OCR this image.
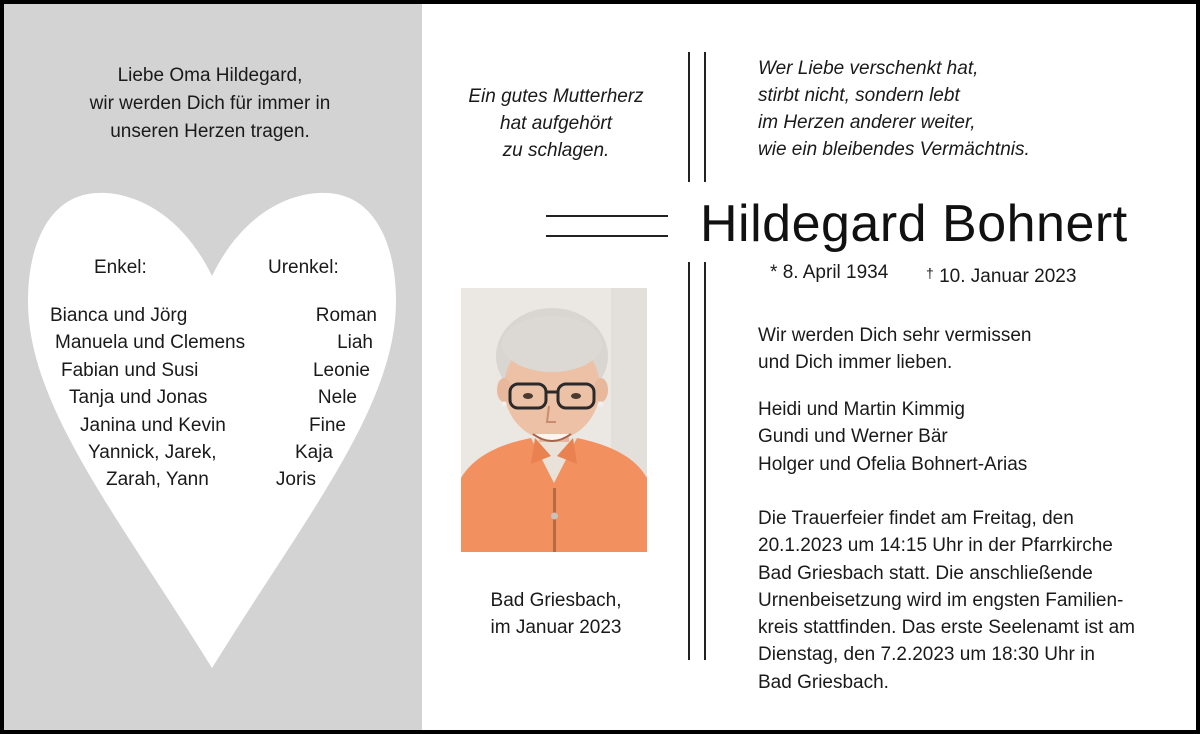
Liebe Oma Hildegard,
wir werden Dich für immer in
unseren Herzen tragen.
Enkel:	Urenkel:
Bianca und Jörg
Manuela und Clemens
Fabian und Susi
Tanja und Jonas
Janina und Kevin
Yannick, Jarek,
Zarah, Yann
Roman
Liah
Leonie
Nele
Fine
Kaja
Joris
Ein gutes Mutterherz
hat aufgehört
zu schlagen.
Wer Liebe verschenkt hat,
stirbt nicht, sondern lebt
im Herzen anderer weiter,
wie ein bleibendes Vermächtnis.
Hildegard Bohnert
* 8. April 1934	† 10. Januar 2023
Bad Griesbach,
im Januar 2023
Wir werden Dich sehr vermissen
und Dich immer lieben.
Heidi und Martin Kimmig
Gundi und Werner Bär
Holger und Ofelia Bohnert-Arias
Die Trauerfeier findet am Freitag, den
20.1.2023 um 14:15 Uhr in der Pfarrkirche
Bad Griesbach statt. Die anschließende
Urnenbeisetzung wird im engsten Familien-
kreis stattfinden. Das erste Seelenamt ist am
Dienstag, den 7.2.2023 um 18:30 Uhr in
Bad Griesbach.
